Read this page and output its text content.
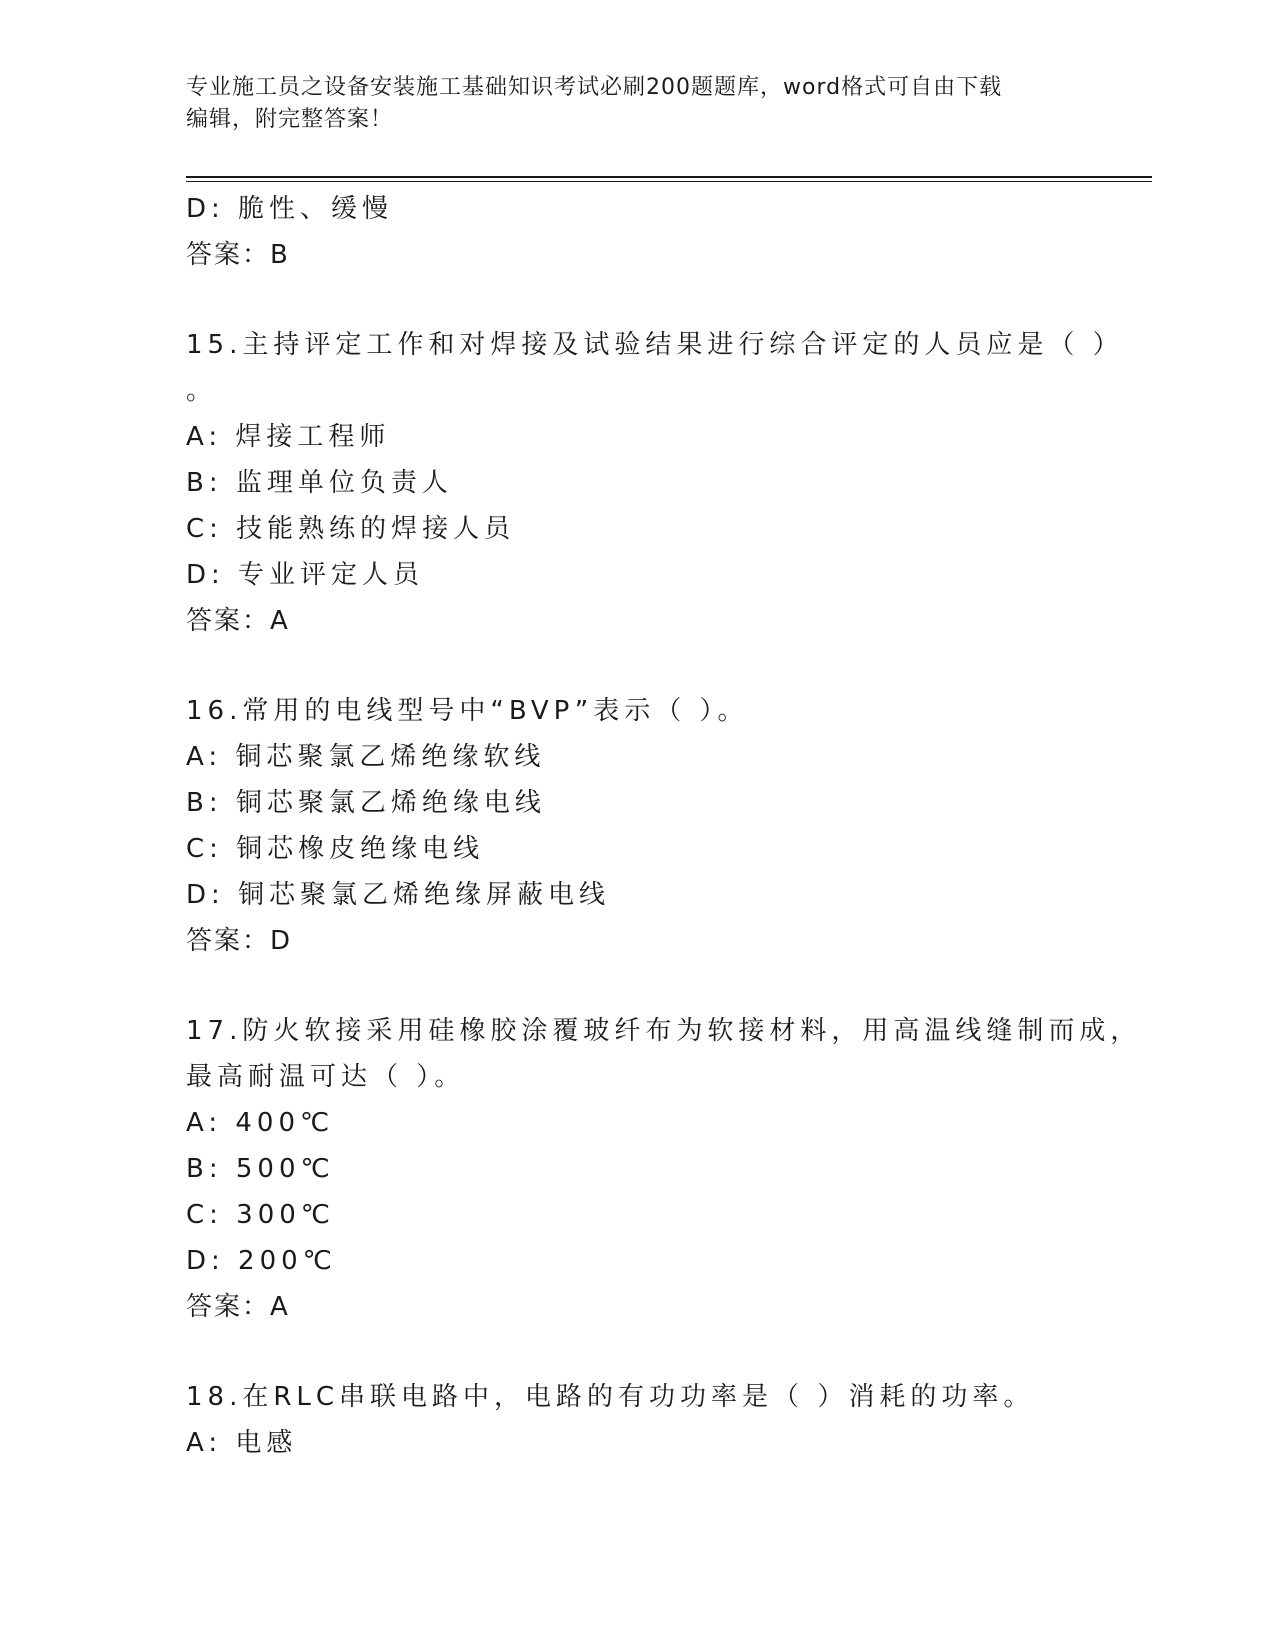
专业施工员之设备安装施工基础知识考试必刷200题题库，word格式可自由下载
编辑，附完整答案！
D: 脆性、缓慢
答案：B
15.主持评定工作和对焊接及试验结果进行综合评定的人员应是（ ）
。
A: 焊接工程师
B: 监理单位负责人
C: 技能熟练的焊接人员
D: 专业评定人员
答案：A
16.常用的电线型号中“BVP”表示（ ）。
A: 铜芯聚氯乙烯绝缘软线
B: 铜芯聚氯乙烯绝缘电线
C: 铜芯橡皮绝缘电线
D: 铜芯聚氯乙烯绝缘屏蔽电线
答案：D
17.防火软接采用硅橡胶涂覆玻纤布为软接材料，用高温线缝制而成，
最高耐温可达（ ）。
A: 400℃
B: 500℃
C: 300℃
D: 200℃
答案：A
18.在RLC串联电路中，电路的有功功率是（ ）消耗的功率。
A: 电感
